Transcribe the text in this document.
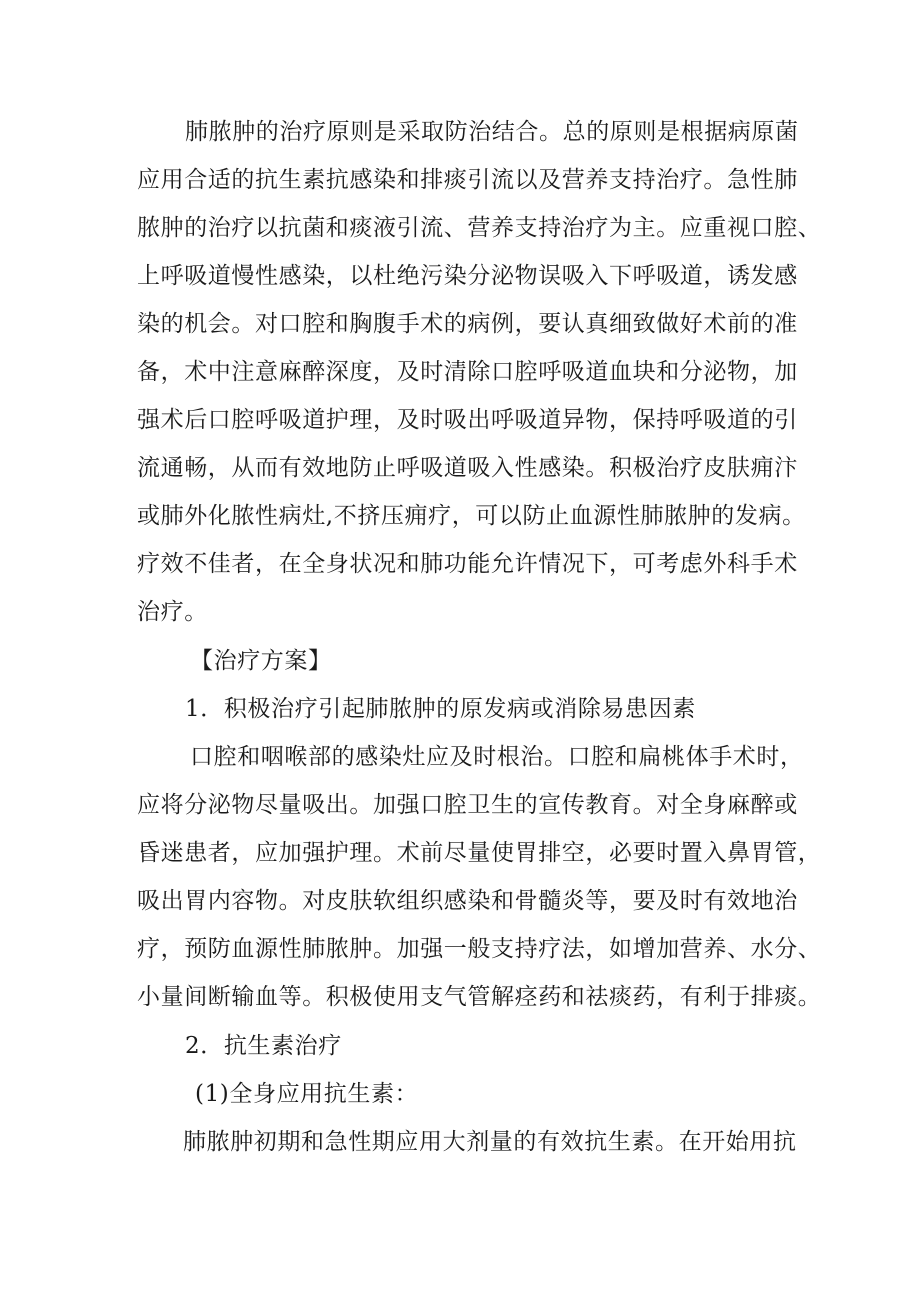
肺脓肿的治疗原则是采取防治结合。总的原则是根据病原菌
应用合适的抗生素抗感染和排痰引流以及营养支持治疗。急性肺
脓肿的治疗以抗菌和痰液引流、营养支持治疗为主。应重视口腔、
上呼吸道慢性感染，以杜绝污染分泌物误吸入下呼吸道，诱发感
染的机会。对口腔和胸腹手术的病例，要认真细致做好术前的准
备，术中注意麻醉深度，及时清除口腔呼吸道血块和分泌物，加
强术后口腔呼吸道护理，及时吸出呼吸道异物，保持呼吸道的引
流通畅，从而有效地防止呼吸道吸入性感染。积极治疗皮肤痈汴
或肺外化脓性病灶,不挤压痈疗，可以防止血源性肺脓肿的发病。
疗效不佳者，在全身状况和肺功能允许情况下，可考虑外科手术
治疗。
【治疗方案】
1．积极治疗引起肺脓肿的原发病或消除易患因素
口腔和咽喉部的感染灶应及时根治。口腔和扁桃体手术时，
应将分泌物尽量吸出。加强口腔卫生的宣传教育。对全身麻醉或
昏迷患者，应加强护理。术前尽量使胃排空，必要时置入鼻胃管，
吸出胃内容物。对皮肤软组织感染和骨髓炎等，要及时有效地治
疗，预防血源性肺脓肿。加强一般支持疗法，如增加营养、水分、
小量间断输血等。积极使用支气管解痉药和祛痰药，有利于排痰。
2．抗生素治疗
(1)全身应用抗生素：
肺脓肿初期和急性期应用大剂量的有效抗生素。在开始用抗
